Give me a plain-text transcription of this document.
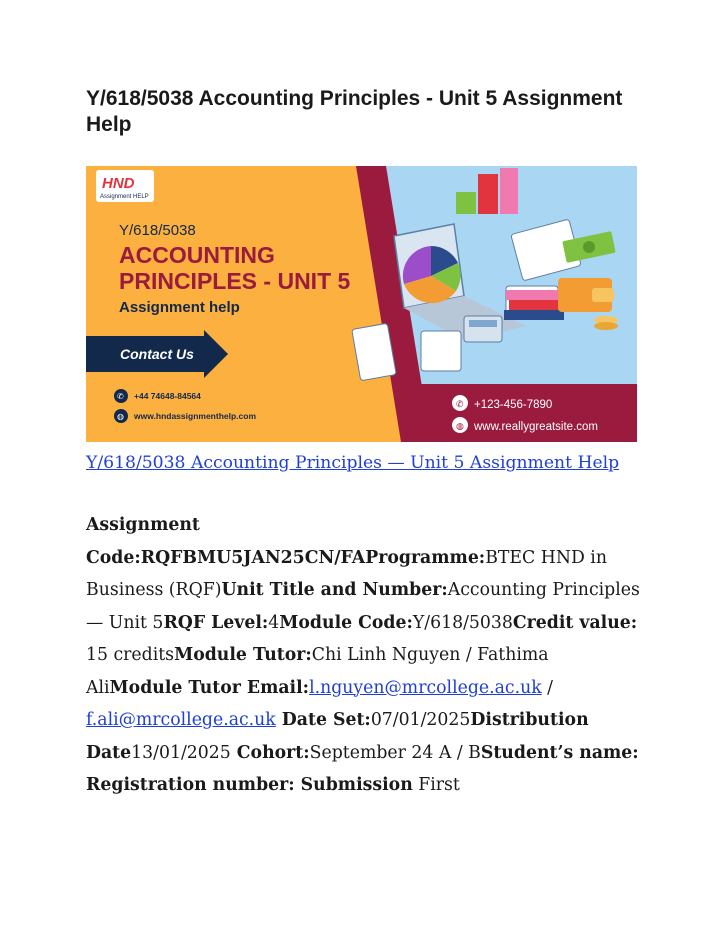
Y/618/5038 Accounting Principles - Unit 5 Assignment Help
HND
Assignment HELP
Y/618/5038
ACCOUNTING
PRINCIPLES - UNIT 5
Assignment help
Contact Us
✆ +44 74648-84564
◍ www.hndassignmenthelp.com
✆ +123-456-7890
◍ www.reallygreatsite.com
Y/618/5038 Accounting Principles — Unit 5 Assignment Help
Assignment Code:RQFBMU5JAN25CN/FAProgramme:BTEC HND in Business (RQF)Unit Title and Number:Accounting Principles — Unit 5RQF Level:4Module Code:Y/618/5038Credit value: 15 creditsModule Tutor:Chi Linh Nguyen / Fathima AliModule Tutor Email:l.nguyen@mrcollege.ac.uk / f.ali@mrcollege.ac.uk Date Set:07/01/2025Distribution Date13/01/2025 Cohort:September 24 A / BStudent’s name: Registration number: Submission First
